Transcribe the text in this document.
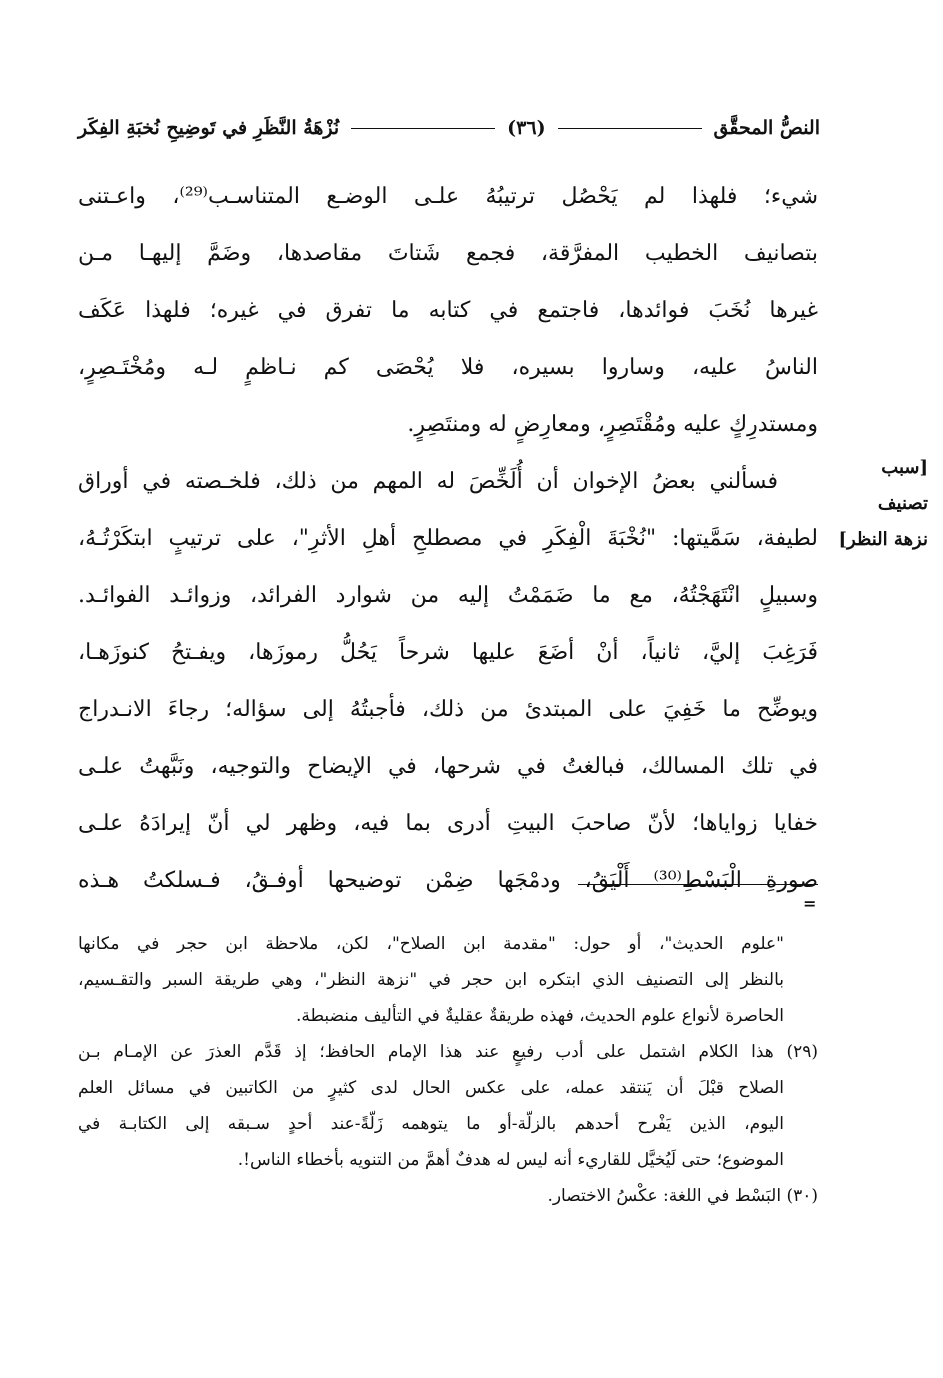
النصُّ المحقَّق
(٣٦)
نُزْهَةُ النَّظَرِ في تَوضِيحِ نُخبَةِ الفِكَر

شيء؛ فلهذا لم يَحْصُل ترتيبُهُ علـى الوضـع المتناسـب⁽²⁹⁾، واعـتنى

بتصانيف الخطيب المفرَّقة، فجمع شَتاتَ مقاصدها، وضَمَّ إليهـا مـن

غيرها نُخَبَ فوائدها، فاجتمع في كتابه ما تفرق في غيره؛ فلهذا عَكَف

الناسُ عليه، وساروا بسيره، فلا يُحْصَى كم نـاظمٍ لـه ومُخْتَـصِرٍ،

ومستدرِكٍ عليه ومُقْتَصِرٍ، ومعارِضٍ له ومنتَصِرٍ.

فسألني بعضُ الإخوان أن أُلَخِّصَ له المهم من ذلك، فلخـصته في أوراق

لطيفة، سَمَّيتها: "نُخْبَةَ الْفِكَرِ في مصطلحِ أهلِ الأثرِ"، على ترتيبٍ ابتكَرْتُـهُ،

وسبيلٍ انْتَهَجْتُهُ، مع ما ضَمَمْتُ إليه من شوارد الفرائد، وزوائـد الفوائـد.

فَرَغِبَ إليَّ، ثانياً، أنْ أضَعَ عليها شرحاً يَحُلُّ رموزَها، ويفـتحُ كنوزَهـا،

ويوضِّح ما خَفِيَ على المبتدئ من ذلك، فأجبتُهُ إلى سؤاله؛ رجاءَ الانـدراج

في تلك المسالك، فبالغتُ في شرحها، في الإيضاح والتوجيه، ونَبَّهتُ علـى

خفايا زواياها؛ لأنّ صاحبَ البيتِ أدرى بما فيه، وظهر لي أنّ إيرادَهُ علـى

صورةِ الْبَسْطِ⁽³⁰⁾ أَلْيَقُ، ودمْجَها ضِمْن توضيحها أوفـقُ، فـسلكتُ هـذه

[سبب
تصنيف
نزهة النظر]
=

"علوم الحديث"، أو حول: "مقدمة ابن الصلاح"، لكن، ملاحظة ابن حجر في مكانها

بالنظر إلى التصنيف الذي ابتكره ابن حجر في "نزهة النظر"، وهي طريقة السبر والتقـسيم،

الحاصرة لأنواع علوم الحديث، فهذه طريقةٌ عقليةٌ في التأليف منضبطة.

(٢٩) هذا الكلام اشتمل على أدب رفيعٍ عند هذا الإمام الحافظ؛ إذ قَدَّم العذرَ عن الإمـام بـن

الصلاح قبْلَ أن يَنتقد عمله، على عكس الحال لدى كثيرٍ من الكاتبين في مسائل العلم

اليوم، الذين يَفْرح أحدهم بالزلّة-أو ما يتوهمه زَلّةً-عند أحدٍ سـبقه إلى الكتابـة في

الموضوع؛ حتى لَيُخيَّل للقاريء أنه ليس له هدفٌ أهمَّ من التنويه بأخطاء الناس!.

(٣٠) البَسْط في اللغة: عكْسُ الاختصار.
